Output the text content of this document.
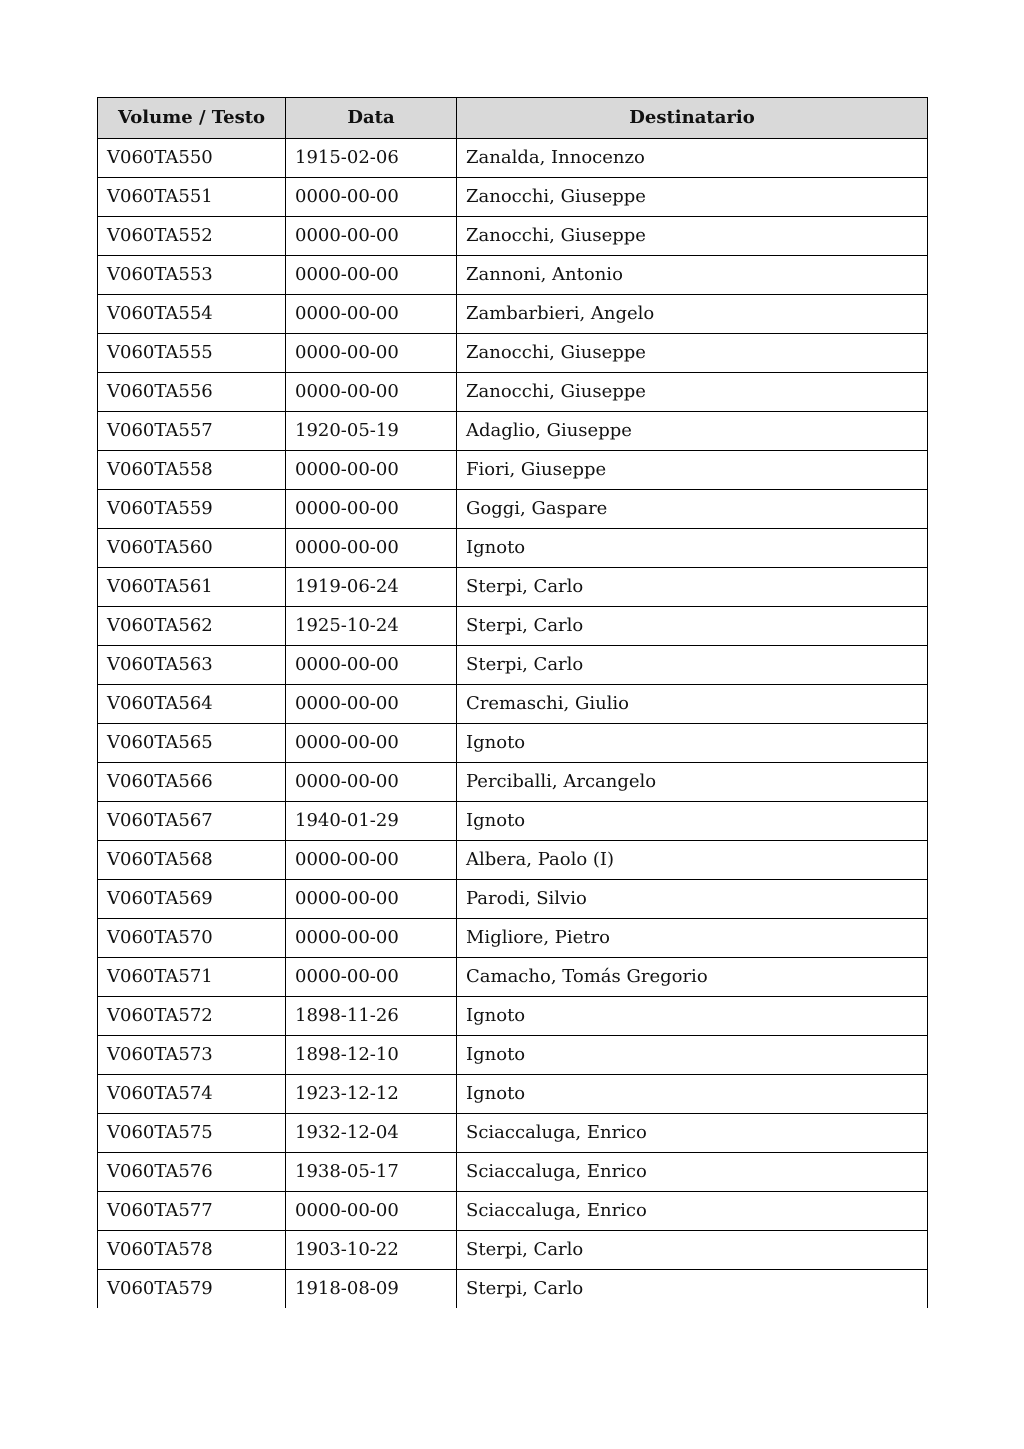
Volume / Testo	Data	Destinatario
V060TA550	1915-02-06	Zanalda, Innocenzo
V060TA551	0000-00-00	Zanocchi, Giuseppe
V060TA552	0000-00-00	Zanocchi, Giuseppe
V060TA553	0000-00-00	Zannoni, Antonio
V060TA554	0000-00-00	Zambarbieri, Angelo
V060TA555	0000-00-00	Zanocchi, Giuseppe
V060TA556	0000-00-00	Zanocchi, Giuseppe
V060TA557	1920-05-19	Adaglio, Giuseppe
V060TA558	0000-00-00	Fiori, Giuseppe
V060TA559	0000-00-00	Goggi, Gaspare
V060TA560	0000-00-00	Ignoto
V060TA561	1919-06-24	Sterpi, Carlo
V060TA562	1925-10-24	Sterpi, Carlo
V060TA563	0000-00-00	Sterpi, Carlo
V060TA564	0000-00-00	Cremaschi, Giulio
V060TA565	0000-00-00	Ignoto
V060TA566	0000-00-00	Perciballi, Arcangelo
V060TA567	1940-01-29	Ignoto
V060TA568	0000-00-00	Albera, Paolo (I)
V060TA569	0000-00-00	Parodi, Silvio
V060TA570	0000-00-00	Migliore, Pietro
V060TA571	0000-00-00	Camacho, Tomás Gregorio
V060TA572	1898-11-26	Ignoto
V060TA573	1898-12-10	Ignoto
V060TA574	1923-12-12	Ignoto
V060TA575	1932-12-04	Sciaccaluga, Enrico
V060TA576	1938-05-17	Sciaccaluga, Enrico
V060TA577	0000-00-00	Sciaccaluga, Enrico
V060TA578	1903-10-22	Sterpi, Carlo
V060TA579	1918-08-09	Sterpi, Carlo
